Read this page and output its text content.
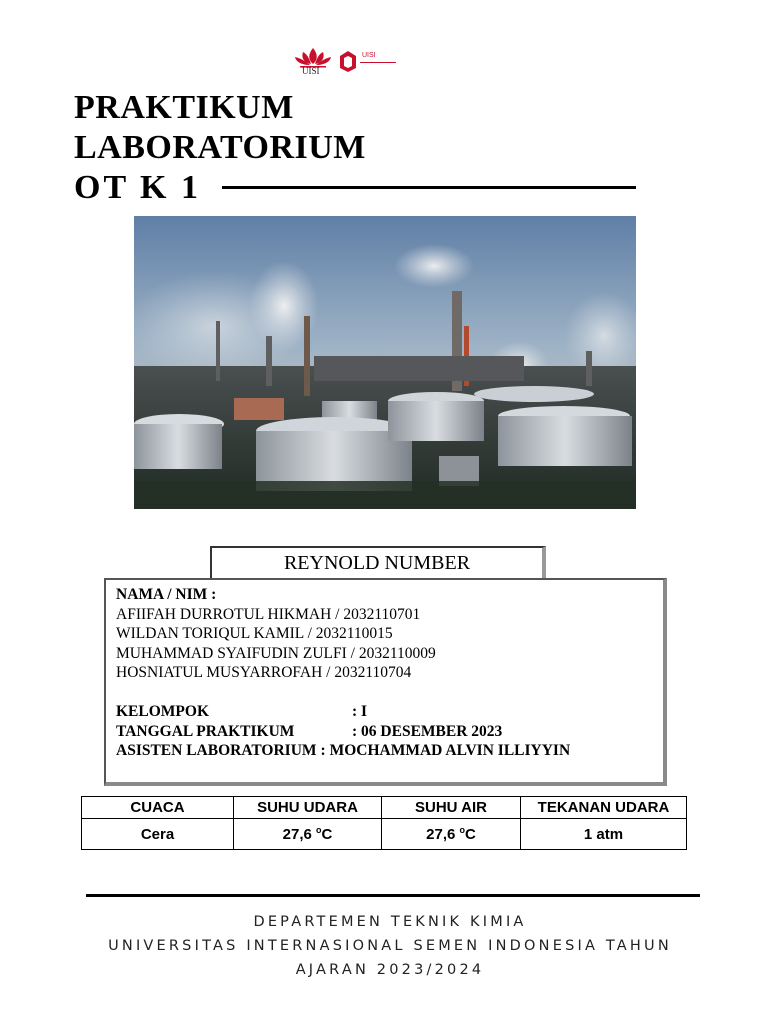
UISI
UISI
PRAKTIKUM
LABORATORIUM
OT K 1
REYNOLD NUMBER
NAMA / NIM :
AFIIFAH DURROTUL HIKMAH / 2032110701
WILDAN TORIQUL KAMIL / 2032110015
MUHAMMAD SYAIFUDIN ZULFI / 2032110009
HOSNIATUL MUSYARROFAH / 2032110704
KELOMPOK	: I
TANGGAL PRAKTIKUM	: 06 DESEMBER 2023
ASISTEN LABORATORIUM : MOCHAMMAD ALVIN ILLIYYIN
CUACA	SUHU UDARA	SUHU AIR	TEKANAN UDARA
Cera	27,6 $^o$C	27,6 $^o$C	1 atm
DEPARTEMEN TEKNIK KIMIA
UNIVERSITAS INTERNASIONAL SEMEN INDONESIA TAHUN
AJARAN 2023/2024
